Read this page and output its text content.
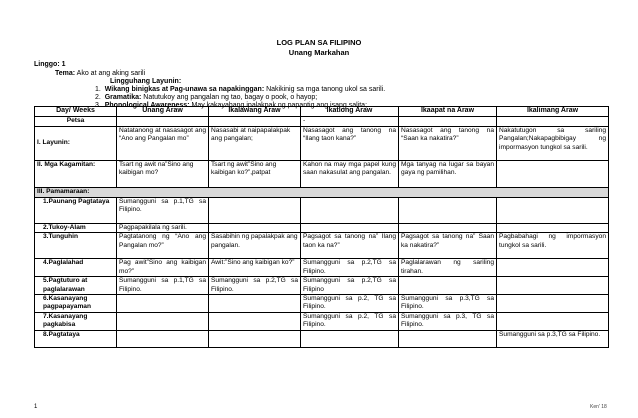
LOG PLAN SA FILIPINO
Unang Markahan
Linggo: 1
Tema: Ako at ang aking sarili
Lingguhang Layunin:
1. Wikang binigkas at Pag-unawa sa napakinggan: Nakikinig sa mga tanong ukol sa sarili.
2. Gramatika: Natutukoy ang pangalan ng tao, bagay o pook, o hayop;
3. Phonological Awareness: May kakayahang ipalakpak ng papantig ang isang salita;
Day/ Weeks	Unang Araw	Ikalawang Araw	Ikatlong Araw	Ikaapat na Araw	Ikalimang Araw
Petsa			-		
I. Layunin:	Natatanong at nasasagot ang “Ano ang Pangalan mo”	Nasasabi at naipapalakpak ang pangalan;	Nasasagot ang tanong na “Ilang taon kana?”	Nasasagot ang tanong na “Saan ka nakatira?”	Nakatutugon sa sariling Pangalan;Nakapagbibigay ng impormasyon tungkol sa sarili.
II. Mga Kagamitan:	Tsart ng awit na”Sino ang kaibigan mo?	Tsart ng awit”Sino ang kaibigan ko?”,patpat	Kahon na may mga papel kung saan nakasulat ang pangalan.	Mga tanyag na lugar sa bayan gaya ng pamilihan.	
III. Pamamaraan:					
1.Paunang Pagtataya	Sumangguni sa p.1,TG sa Filipino.				
2.Tukoy-Alam	Pagpapakilala ng sarili.				
3.Tunguhin	Pagtatanong ng “Ano ang Pangalan mo?”	Sasabihin ng papalakpak ang pangalan.	Pagsagot sa tanong na” Ilang taon ka na?”	Pagsagot sa tanong na” Saan ka nakatira?”	Pagbabahagi ng impormasyon tungkol sa sarili.
4.Paglalahad	Pag awit”Sino ang kaibigan mo?”	Awit:”Sino ang kaibigan ko?”	Sumangguni sa p.2,TG sa Filipino.	Paglalarawan ng sariling tirahan.	
5.Pagtuturo at paglalarawan	Sumangguni sa p.1,TG sa Filipino.	Sumangguni sa p.2,TG sa Filipino.	Sumangguni sa p.2,TG sa Filipino		
6.Kasanayang pagpapayaman			Sumangguni sa p.2, TG sa Filipino.	Sumangguni sa p.3,TG sa Filipino.	
7.Kasanayang pagkabisa			Sumangguni sa p.2, TG sa Filipino.	Sumangguni sa p.3, TG sa Filipino.	
8.Pagtataya					Sumangguni sa p.3,TG sa Filipino.
1	Ken' 18
